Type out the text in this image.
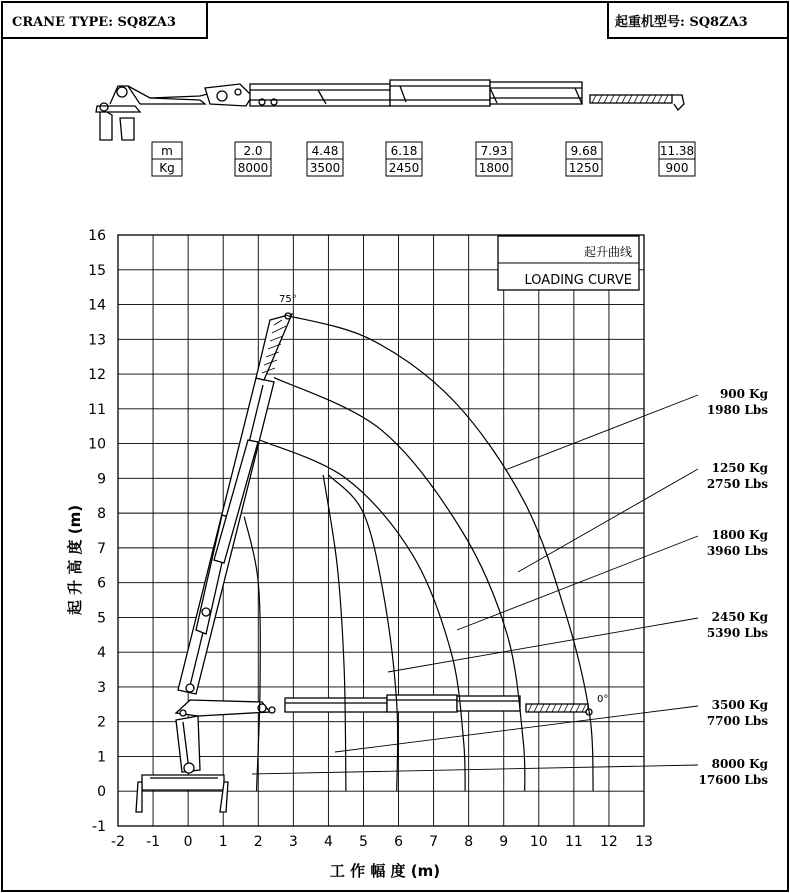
CRANE TYPE: SQ8ZA3	起重机型号: SQ8ZA3
m
Kg
2.0
8000
4.48
3500
6.18
2450
7.93
1800
9.68
1250
11.38
900
-2 -1 0 1 2 3 4 5 6 7 8 9 10 11 12 13
-1
0
1
2
3
4
5
6
7
8
9
10
11
12
13
14
15
16
起升曲线
LOADING CURVE
75°
0°
工 作 幅 度 (m)
起 升 高 度 (m)
900 Kg
1980 Lbs
1250 Kg
2750 Lbs
1800 Kg
3960 Lbs
2450 Kg
5390 Lbs
3500 Kg
7700 Lbs
8000 Kg
17600 Lbs
